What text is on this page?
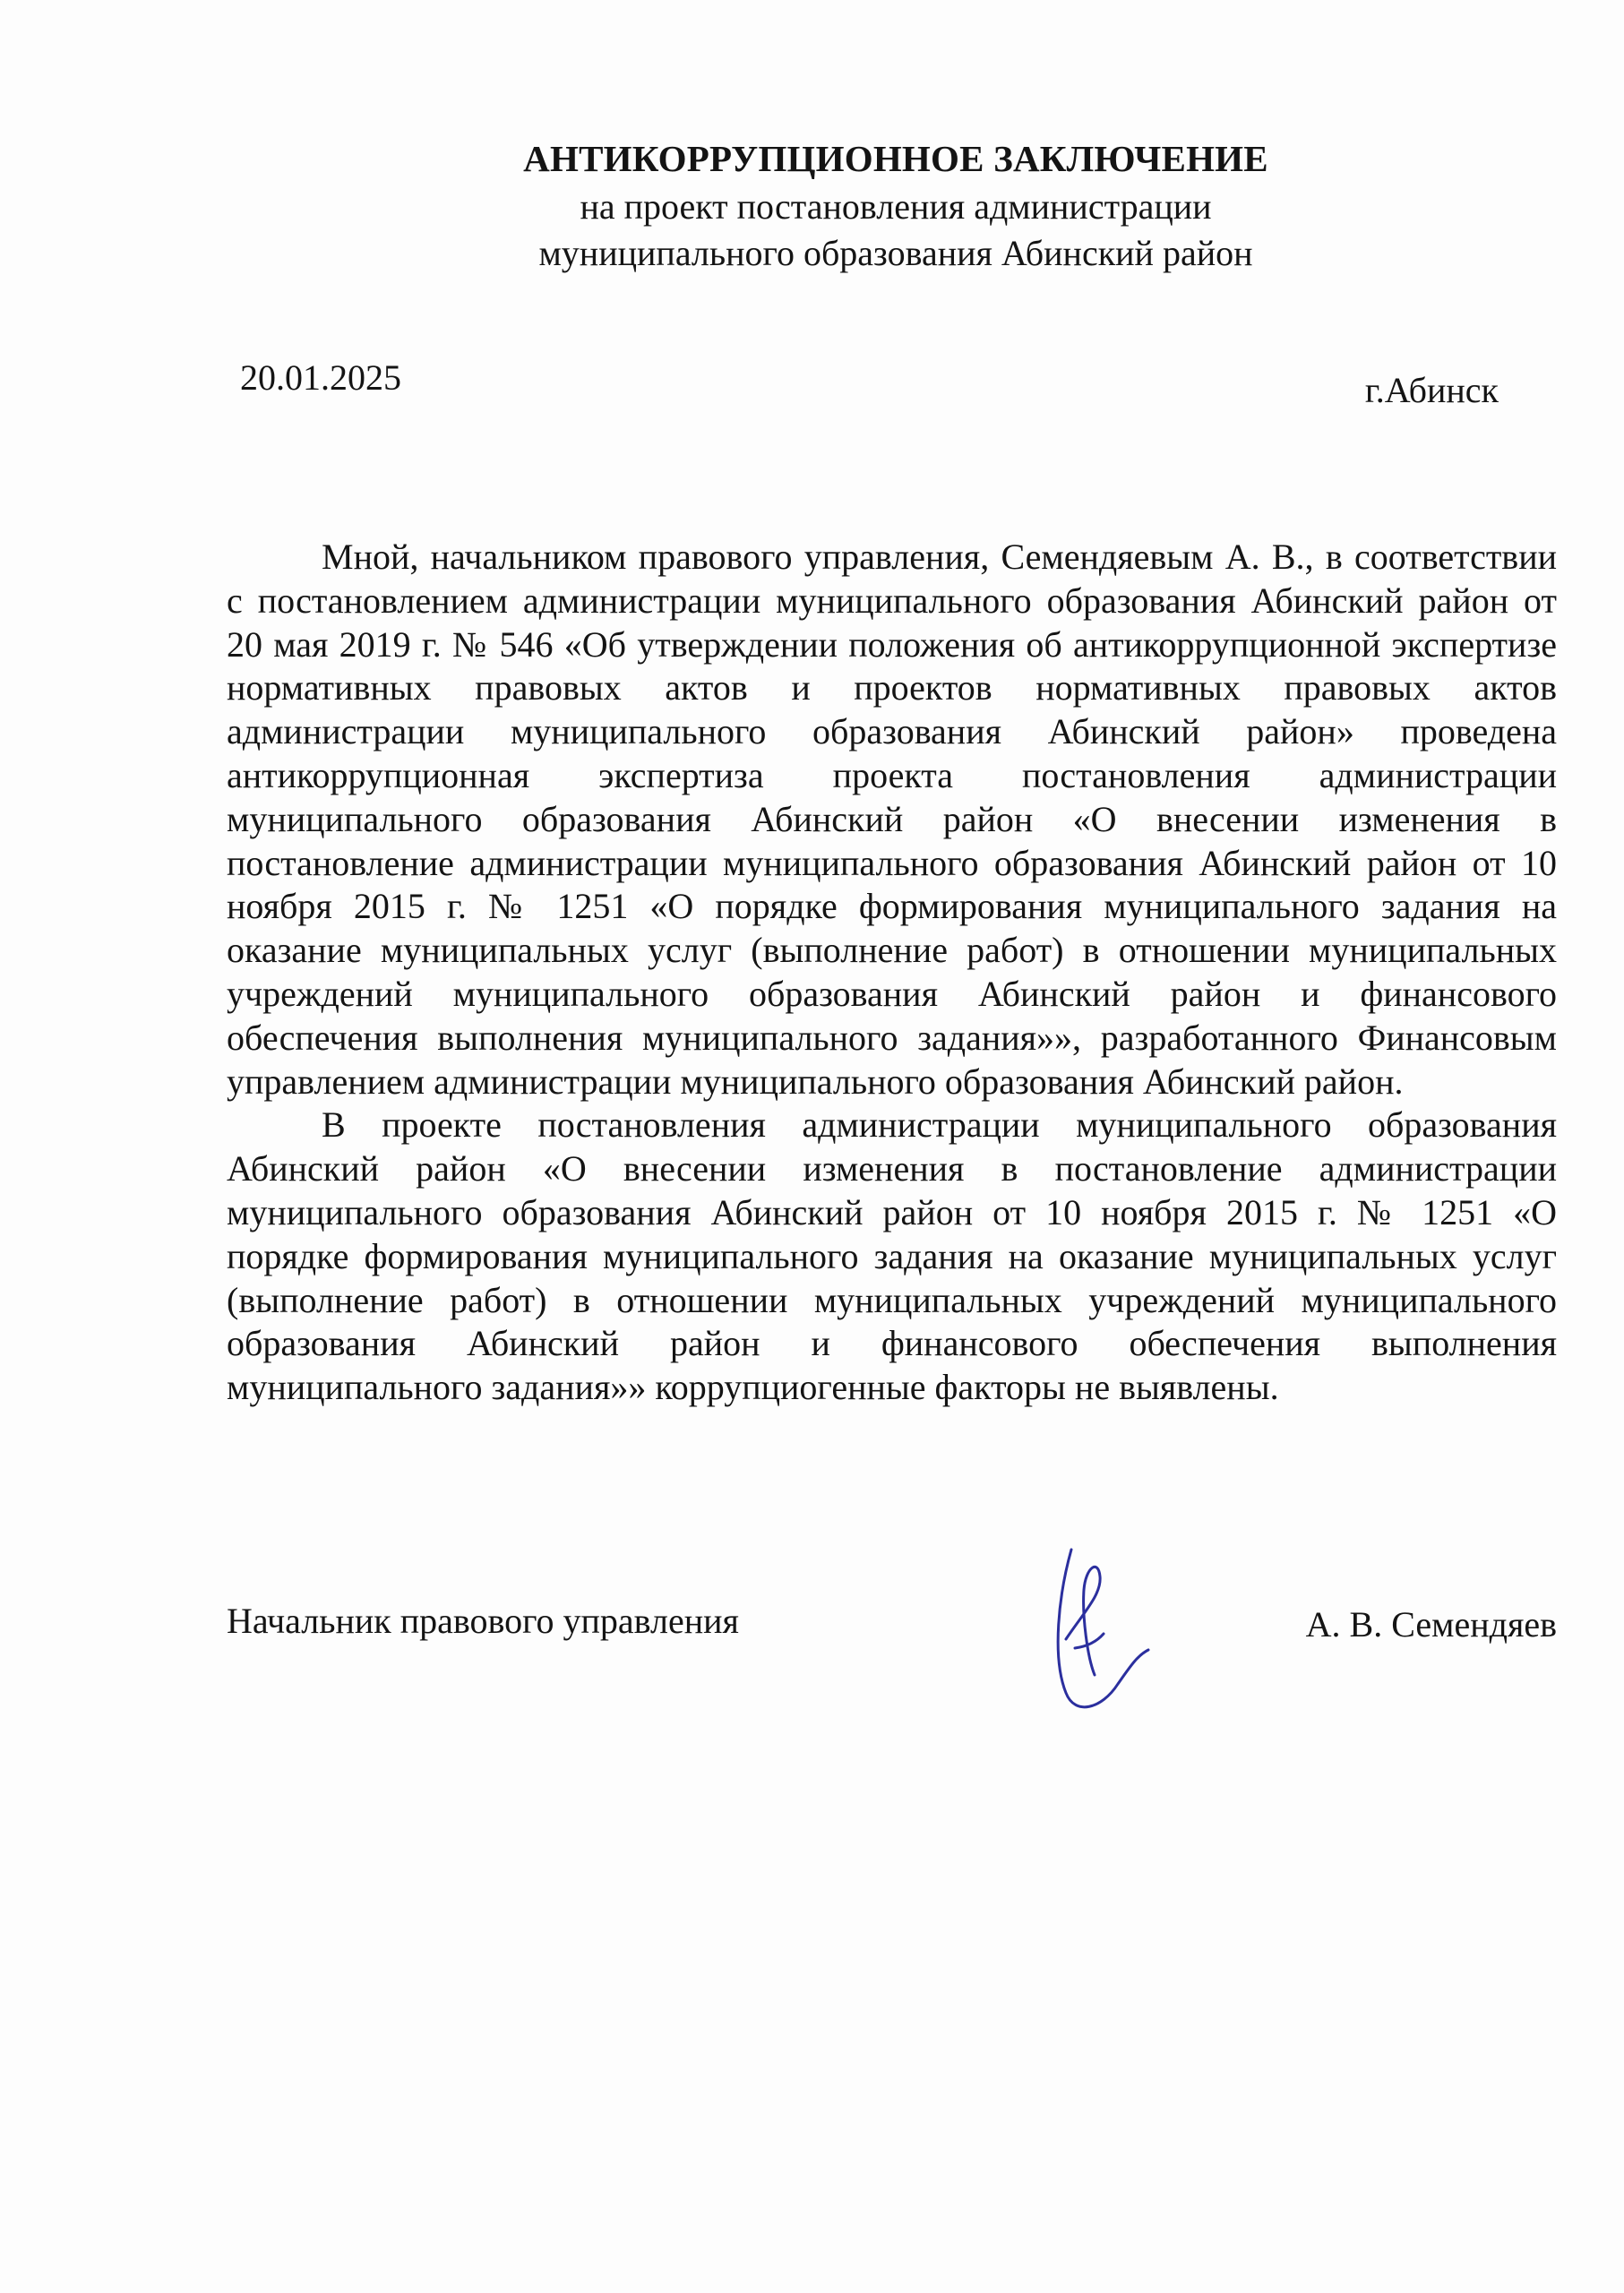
АНТИКОРРУПЦИОННОЕ ЗАКЛЮЧЕНИЕ
на проект постановления администрации
муниципального образования Абинский район
20.01.2025	г.Абинск

Мной, начальником правового управления, Семендяевым А. В., в соответствии с постановлением администрации муниципального образования Абинский район от 20 мая 2019 г. № 546 «Об утверждении положения об антикоррупционной экспертизе нормативных правовых актов и проектов нормативных правовых актов администрации муниципального образования Абинский район» проведена антикоррупционная экспертиза проекта постановления администрации муниципального образования Абинский район «О внесении изменения в постановление администрации муниципального образования Абинский район от 10 ноября 2015 г. № 1251 «О порядке формирования муниципального задания на оказание муниципальных услуг (выполнение работ) в отношении муниципальных учреждений муниципального образования Абинский район и финансового обеспечения выполнения муниципального задания»», разработанного Финансовым управлением администрации муниципального образования Абинский район.

В проекте постановления администрации муниципального образования Абинский район «О внесении изменения в постановление администрации муниципального образования Абинский район от 10 ноября 2015 г. № 1251 «О порядке формирования муниципального задания на оказание муниципальных услуг (выполнение работ) в отношении муниципальных учреждений муниципального образования Абинский район и финансового обеспечения выполнения муниципального задания»» коррупциогенные факторы не выявлены.

Начальник правового управления	А. В. Семендяев
